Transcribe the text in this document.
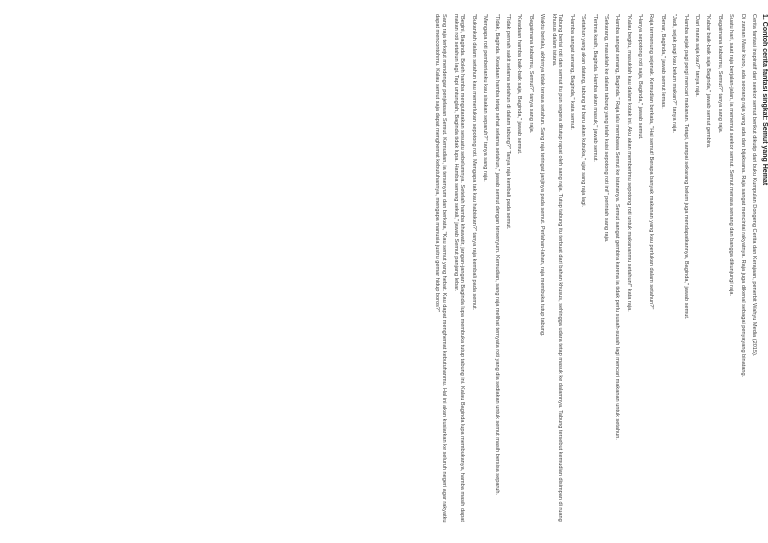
1. Contoh cerita fantasi singkat: Semut yang Hemat

Cerita fantasi inspiratif dari seekor semut berikut dikutip dari buku Kumpulan Dongeng Cerita dan Kerajaan, penerbit Wahyu Media (2015).

Di zaman Masir kuno, ada seorang raja yang ada dan bijaksana. Raja sangat mencintai rakyatnya. Raja juga dikenal sebagai penyayang binatang.

Suatu hari, saat raja berjalan-jalan, ia menemui seekor semut. Semut merasa senang dan bangga dikunjungi raja.

"Bagaimana kabarmu, Semut?" tanya sang raja.

"Kabar baik-baik saja Baginda," jawab semut gembira.

"Dari mana saja kau?" tanya raja.

"Hamba sejak pagi pergi mencari makanan. Tetapi, sampai sekarang belum juga mendapatkannya, Baginda," jawab semut.

"Jadi, sejak pagi kau belum makan?" tanya raja.

"Benar, Baginda," jawab semut lemas.

Raja termenung sejenak. Kemudian berkata, "Hai semut! Berapa banyak makanan yang kau perlukan dalam setahun?"

"Hanya sepotong roti saja, Baginda," jawab semut.

"Kalau begitu, masuklah kau dalam kotak ini. Aku akan memberimu sepotong roti untuk makananmu setahun!" kata raja.

"Hamba sangat senang, Baginda." Raja lalu membawa Semut ke istananya. Semut sangat gembira karena ia tidak perlu susah-susah lagi mencari makanan untuk setahun.

"Sekarang, masuklah ke dalam tabung yang telah kuisi sepotong roti ini!" perintah sang raja.

"Terima kasih, Baginda. Hamba akan masuk," jawab semut.

"Setahun yang akan datang, tabung ini baru akan kubuka," ujar sang raja lagi.

"Hamba sangat senang, Baginda," kata semut.

Tabung berisi roti dan semut itu pun segera ditutup rapat oleh sang raja. Tutup tabung itu terbuat dari bahan khusus, sehingga udara tetap masuk ke dalamnya. Tabung tersebut kemudian disimpan di ruang khusus dalam istana.

Waktu berlalu, akhirnya tidak terasa setahun. Sang raja teringat janjinya pada semut. Perlahan-lahan, raja membuka tutup tabung.

"Bagaimana kabarmu, Semut?" tanya sang raja.

"Keadaan hamba baik-baik saja, Baginda," jawab semut.

"Tidak pernah sakit selama setahun di dalam tabung?" Tanya raja kembali pada semut.

"Tidak, Baginda. Keadaan hamba tetap sehat selama setahun," jawab semut dengan tersenyum. Kemudian, sang raja melihat ternyata roti yang dia sediakan untuk semut masih bersisa separuh.

"Mengapa roti pemberianku kau sisakan separuh?" tanya sang raja.

"Bukankah dalam setahun kau memerlukan sepotong roti. Mengapa tak kau habiskan?" tanya raja kembali pada semut.

"Begini, Baginda. Boleh hamba mengutarakan sesuatu sebelumnya. Setelah hamba khawatir, jangan-jangan Baginda lupa membuka tutup tabung ini. Kalau Baginda lupa membukanya, hamba masih dapat makan roti setahun lagi. Tapi untunglah, Baginda tidak lupa. Hamba senang sekali," jawab Semut panjang lebar.

Sang raja terkejut mendengar penjelasan Semut. Kemudian, ia tersenyum dan berkata, "Kau semut yang hebat. Kau dapat menghemat kebutuhanmu. Hal ini akan kusiarkan ke seluruh negeri agar rakyatku dapat mencontohmu. Kalau semut saja dapat menghemat kebutuhannya, mengapa manusia justru gemar hidup boros?"
